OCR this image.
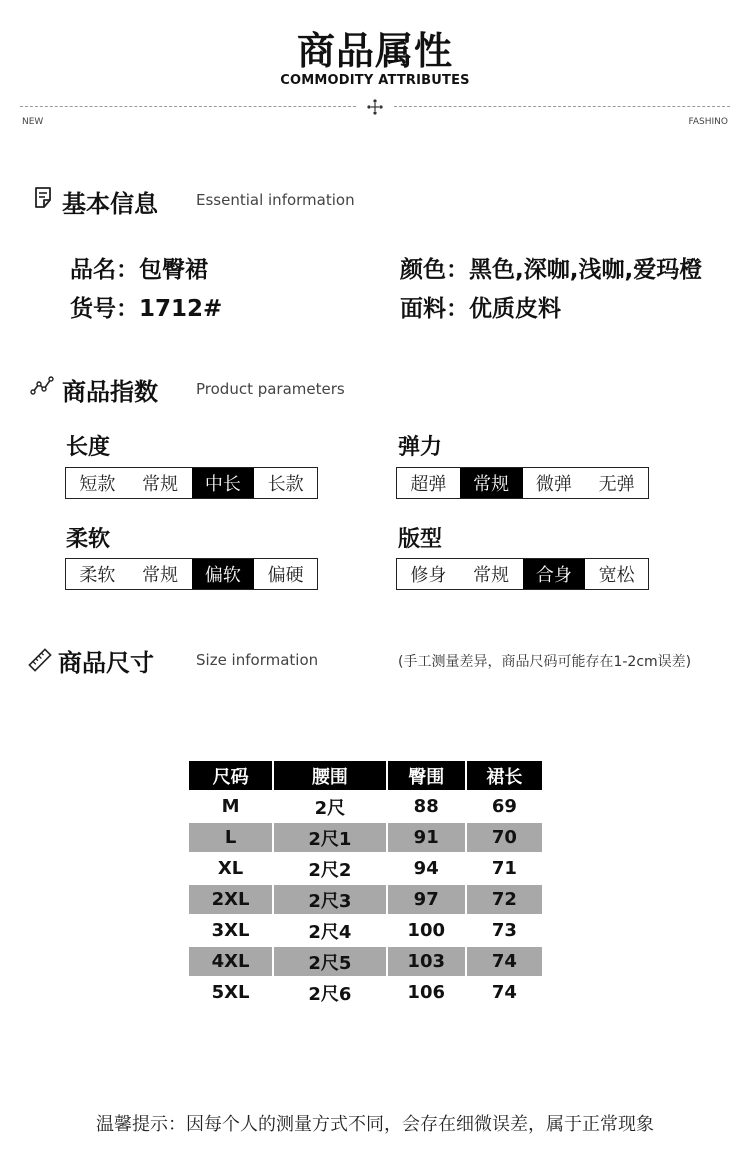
商品属性
COMMODITY ATTRIBUTES
NEW	FASHINO
基本信息	Essential information
品名：包臀裙
货号：1712#
颜色：黑色,深咖,浅咖,爱玛橙
面料：优质皮料
商品指数	Product parameters
长度
短款	常规	中长	长款
弹力
超弹	常规	微弹	无弹
柔软
柔软	常规	偏软	偏硬
版型
修身	常规	合身	宽松
商品尺寸	Size information	(手工测量差异，商品尺码可能存在1-2cm误差)
尺码	腰围	臀围	裙长
M	2尺	88	69
L	2尺1	91	70
XL	2尺2	94	71
2XL	2尺3	97	72
3XL	2尺4	100	73
4XL	2尺5	103	74
5XL	2尺6	106	74
温馨提示：因每个人的测量方式不同，会存在细微误差，属于正常现象
